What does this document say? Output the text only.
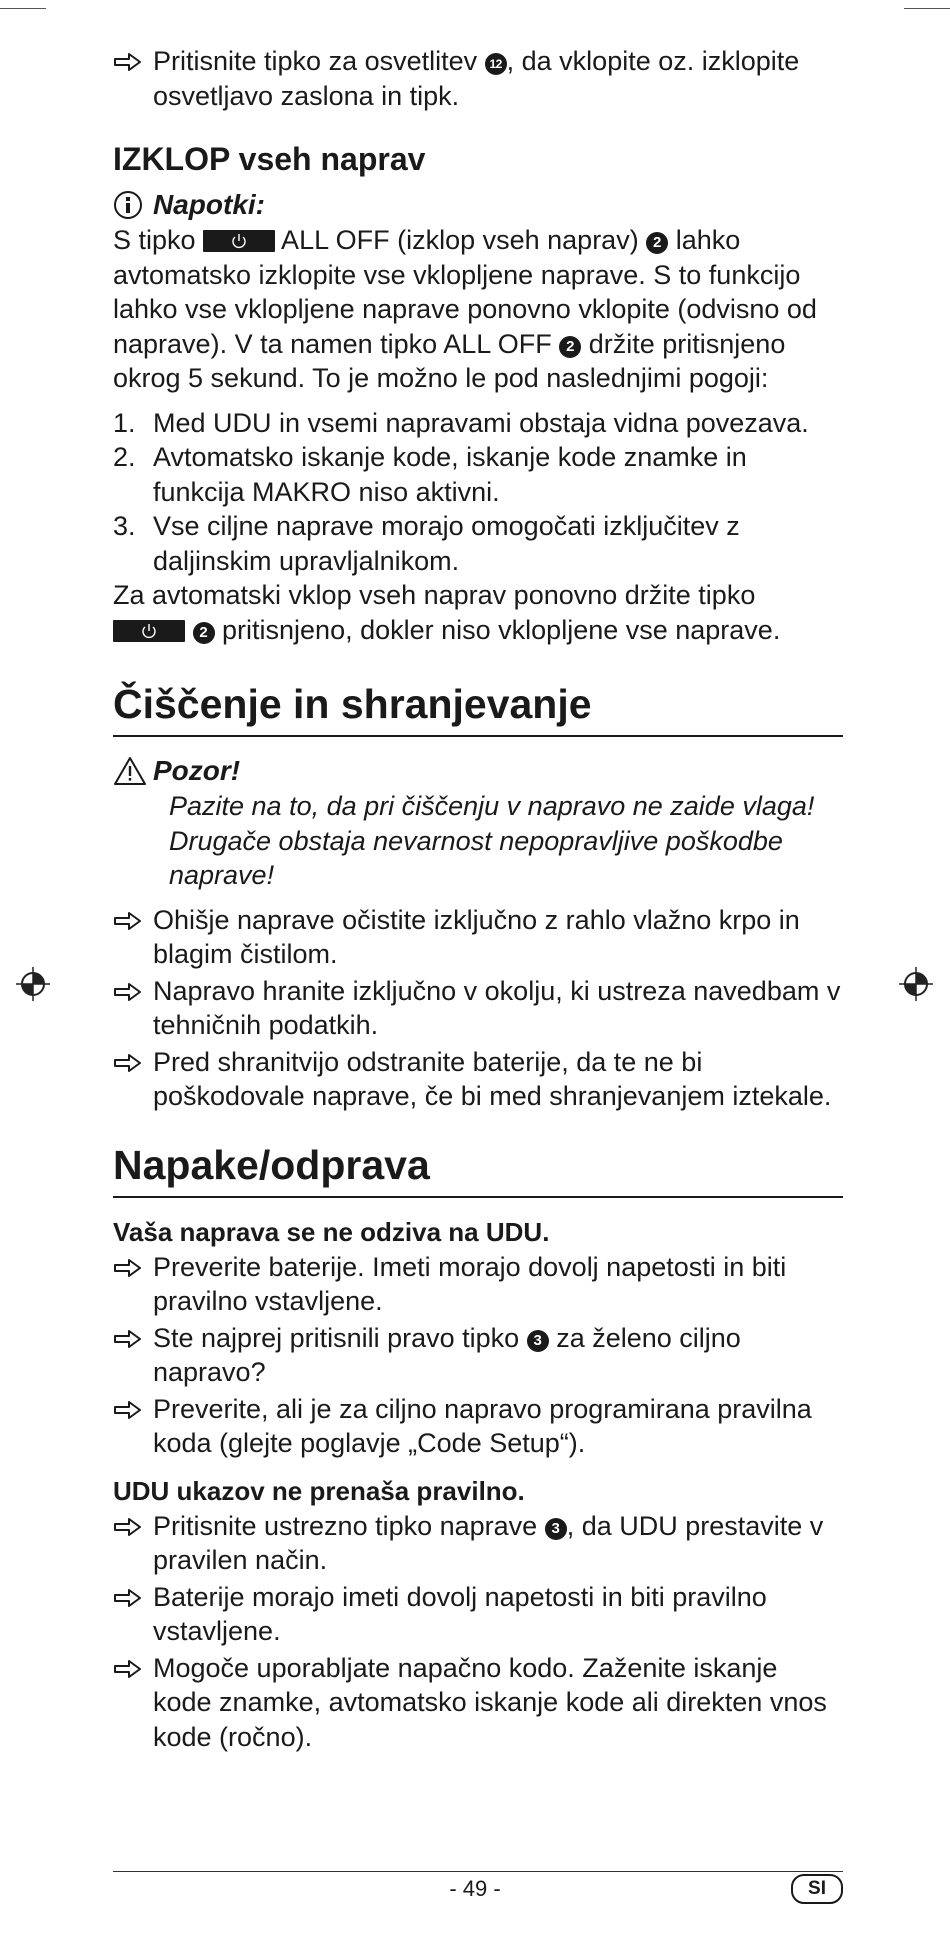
Pritisnite tipko za osvetlitev 12 , da vklopite oz. izklopite osvetljavo zaslona in tipk.
IZKLOP vseh naprav
Napotki:

S tipko	ALL OFF (izklop vseh naprav) 2 lahko avtomatsko izklopite vse vklopljene naprave. S to funkcijo lahko vse vklopljene naprave ponovno vklopite (odvisno od naprave). V ta namen tipko ALL OFF 2 držite pritisnjeno okrog 5 sekund. To je možno le pod naslednjimi pogoji:

1. Med UDU in vsemi napravami obstaja vidna povezava.
2. Avtomatsko iskanje kode, iskanje kode znamke in funkcija MAKRO niso aktivni.
3. Vse ciljne naprave morajo omogočati izključitev z daljinskim upravljalnikom.

Za avtomatski vklop vseh naprav ponovno držite tipko

2 pritisnjeno, dokler niso vklopljene vse naprave.

Čiščenje in shranjevanje
Pozor!
Pazite na to, da pri čiščenju v napravo ne zaide vlaga! Drugače obstaja nevarnost nepopravljive poškodbe naprave!
Ohišje naprave očistite izključno z rahlo vlažno krpo in blagim čistilom.
Napravo hranite izključno v okolju, ki ustreza navedbam v tehničnih podatkih.
Pred shranitvijo odstranite baterije, da te ne bi poškodovale naprave, če bi med shranjevanjem iztekale.
Napake/odprava
Vaša naprava se ne odziva na UDU.
Preverite baterije. Imeti morajo dovolj napetosti in biti pravilno vstavljene.
Ste najprej pritisnili pravo tipko 3 za želeno ciljno napravo?
Preverite, ali je za ciljno napravo programirana pravilna koda (glejte poglavje „Code Setup“).
UDU ukazov ne prenaša pravilno.
Pritisnite ustrezno tipko naprave 3 , da UDU prestavite v pravilen način.
Baterije morajo imeti dovolj napetosti in biti pravilno vstavljene.
Mogoče uporabljate napačno kodo. Zaženite iskanje kode znamke, avtomatsko iskanje kode ali direkten vnos kode (ročno).
- 49 -	SI
